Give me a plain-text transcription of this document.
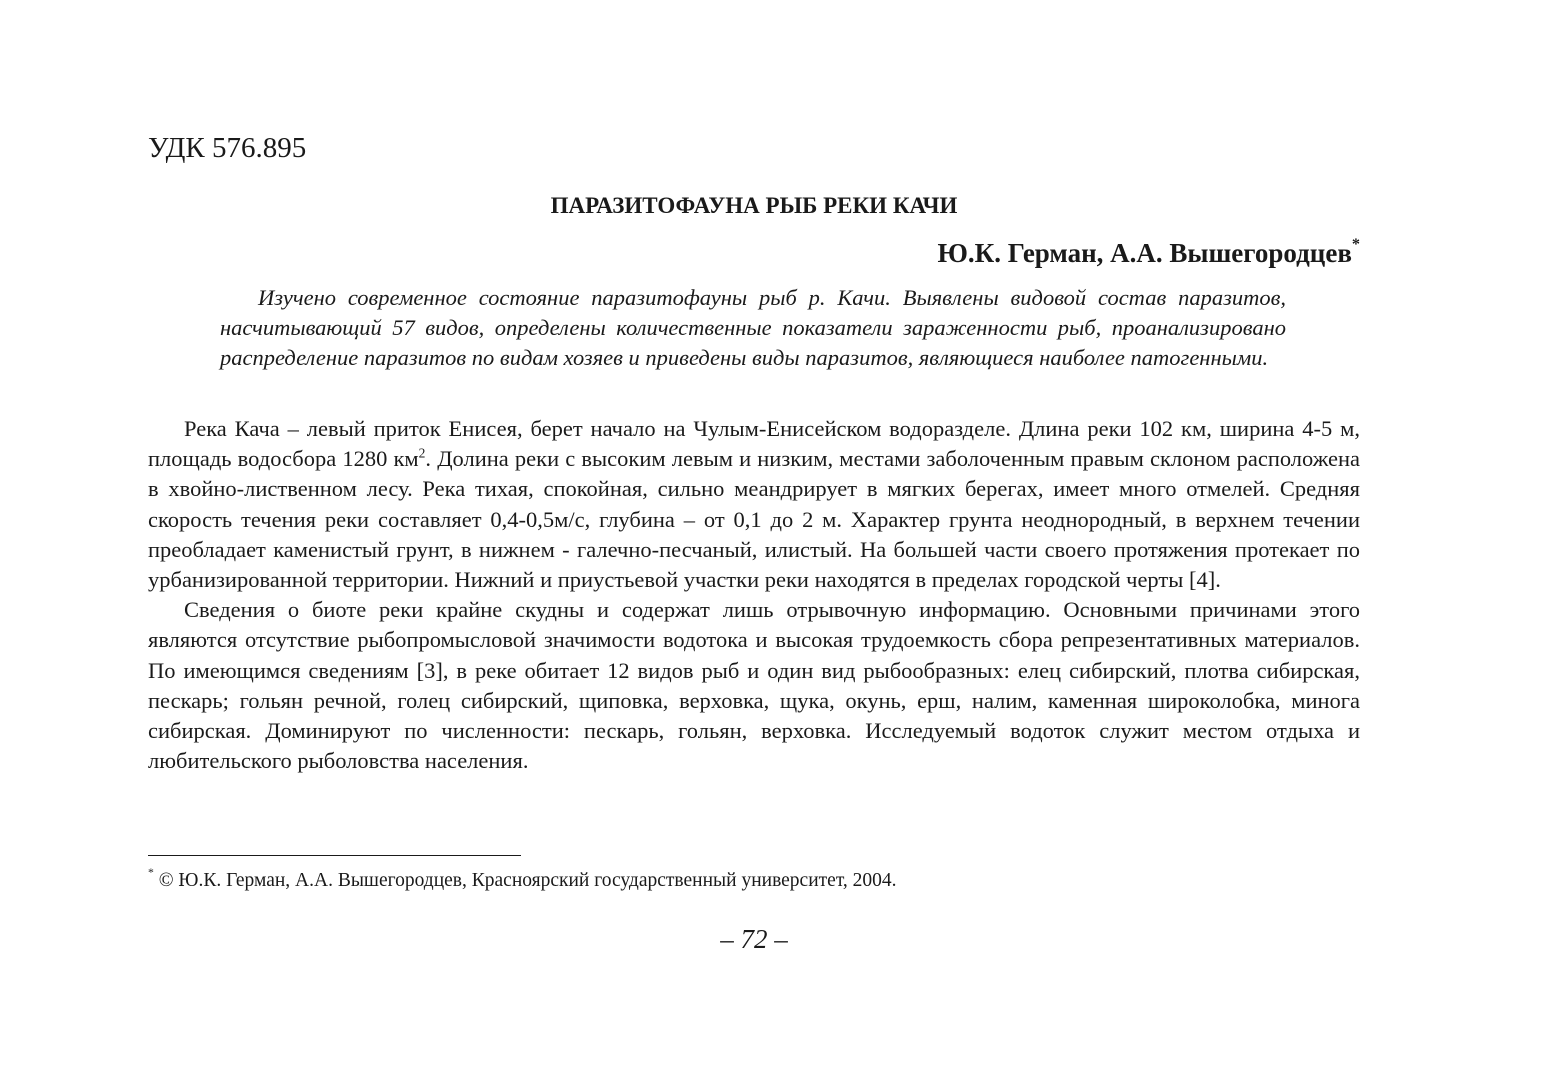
УДК 576.895
ПАРАЗИТОФАУНА РЫБ РЕКИ КАЧИ
Ю.К. Герман, А.А. Вышегородцев*

Изучено современное состояние паразитофауны рыб р. Качи. Выявлены видовой состав паразитов, насчитывающий 57 видов, определены количественные показатели зараженности рыб, проанализировано распределение паразитов по видам хозяев и приведены виды паразитов, являющиеся наиболее патогенными.

Река Кача – левый приток Енисея, берет начало на Чулым-Енисейском водоразделе. Длина реки 102 км, ширина 4-5 м, площадь водосбора 1280 $км^2$. Долина реки с высоким левым и низким, местами заболоченным правым склоном расположена в хвойно-лиственном лесу. Река тихая, спокойная, сильно меандрирует в мягких берегах, имеет много отмелей. Средняя скорость течения реки составляет 0,4-0,5м/с, глубина – от 0,1 до 2 м. Характер грунта неоднородный, в верхнем течении преобладает каменистый грунт, в нижнем - галечно-песчаный, илистый. На большей части своего протяжения протекает по урбанизированной территории. Нижний и приустьевой участки реки находятся в пределах городской черты [4].

Сведения о биоте реки крайне скудны и содержат лишь отрывочную информацию. Основными причинами этого являются отсутствие рыбопромысловой значимости водотока и высокая трудоемкость сбора репрезентативных материалов. По имеющимся сведениям [3], в реке обитает 12 видов рыб и один вид рыбообразных: елец сибирский, плотва сибирская, пескарь; гольян речной, голец сибирский, щиповка, верховка, щука, окунь, ерш, налим, каменная широколобка, минога сибирская. Доминируют по численности: пескарь, гольян, верховка. Исследуемый водоток служит местом отдыха и любительского рыболовства населения.

* © Ю.К. Герман, А.А. Вышегородцев, Красноярский государственный университет, 2004.
– 72 –
